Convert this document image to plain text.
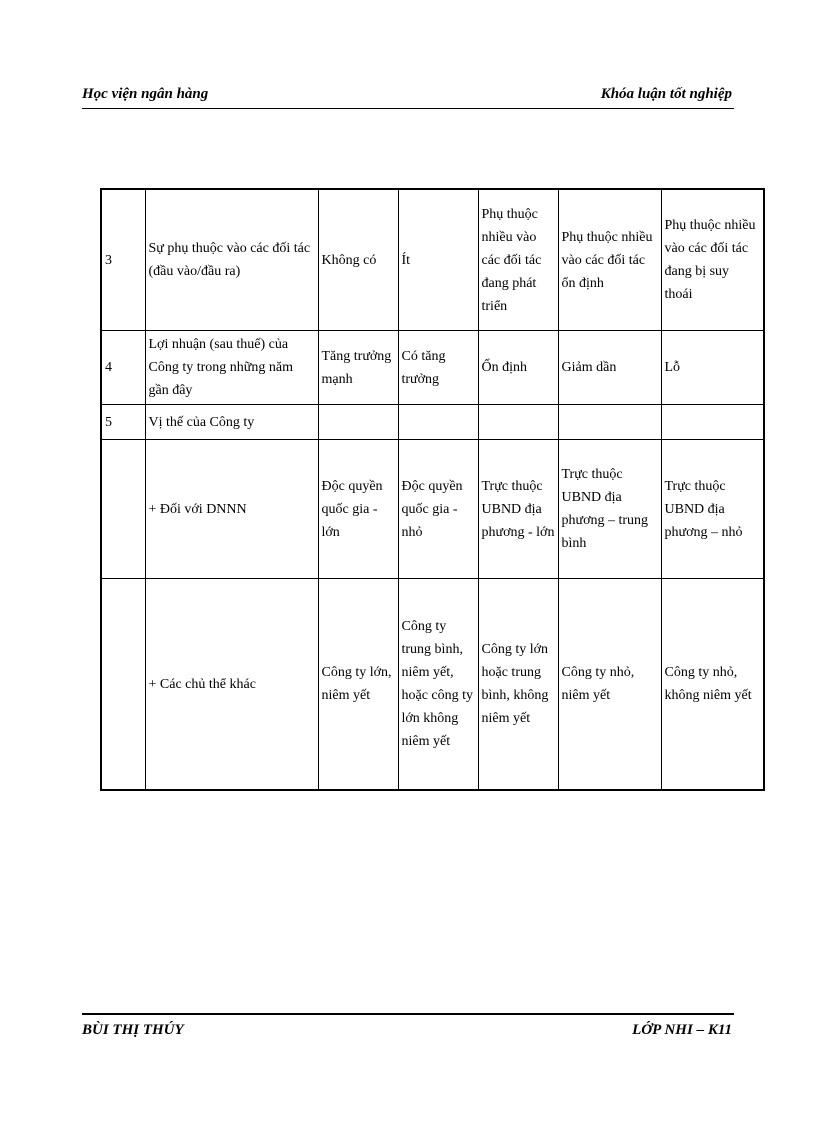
Học viện ngân hàng	Khóa luận tốt nghiệp
3	Sự phụ thuộc vào các đối tác (đầu vào/đầu ra)	Không có	Ít	Phụ thuộc nhiều vào các đối tác đang phát triển	Phụ thuộc nhiều vào các đối tác ổn định	Phụ thuộc nhiều vào các đối tác đang bị suy thoái
4	Lợi nhuận (sau thuế) của Công ty trong những năm gần đây	Tăng trưởng mạnh	Có tăng trưởng	Ổn định	Giảm dần	Lỗ
5	Vị thế của Công ty					
	+ Đối với DNNN	Độc quyền quốc gia - lớn	Độc quyền quốc gia - nhỏ	Trực thuộc UBND địa phương - lớn	Trực thuộc UBND địa phương – trung bình	Trực thuộc UBND địa phương – nhỏ
	+ Các chủ thể khác	Công ty lớn, niêm yết	Công ty trung bình, niêm yết, hoặc công ty lớn không niêm yết	Công ty lớn hoặc trung bình, không niêm yết	Công ty nhỏ, niêm yết	Công ty nhỏ, không niêm yết
BÙI THỊ THÚY	LỚP NHI – K11
